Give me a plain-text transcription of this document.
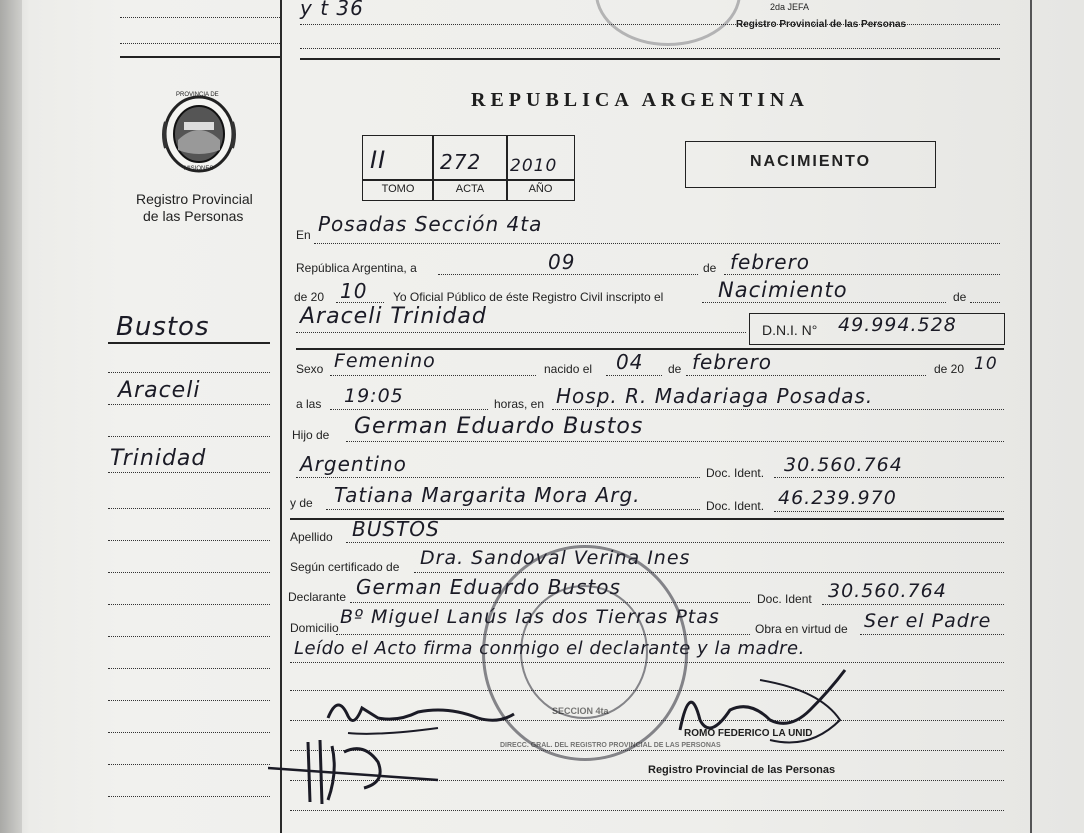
y t 36
Registro Provincial de las Personas
2da JEFA
PROVINCIA DE
MISIONES
Registro Provincial
de las Personas
REPUBLICA ARGENTINA
II	272 2010
TOMO	ACTA	AÑO
NACIMIENTO
Bustos
Araceli
Trinidad
En Posadas Sección 4ta
República Argentina, a	09	de febrero
de 20 10 Yo Oficial Público de éste Registro Civil inscripto el	Nacimiento	de
Araceli Trinidad
D.N.I. N° 49.994.528
Sexo Femenino	nacido el 04 de febrero	de 20 10
a las 19:05	horas, en Hosp. R. Madariaga Posadas.
Hijo de German Eduardo Bustos
Argentino	Doc. Ident. 30.560.764
y de Tatiana Margarita Mora Arg.	Doc. Ident. 46.239.970
Apellido BUSTOS
Según certificado de Dra. Sandoval Verina Ines
Declarante German Eduardo Bustos	Doc. Ident 30.560.764
Domicilio Bº Miguel Lanús las dos Tierras Ptas
Obra en virtud de Ser el Padre
Leído el Acto firma conmigo el declarante y la madre.
DIRECC. GRAL. DEL REGISTRO PROVINCIAL DE LAS PERSONAS
SECCION 4ta
ROMO FEDERICO LA UNID
Registro Provincial de las Personas
